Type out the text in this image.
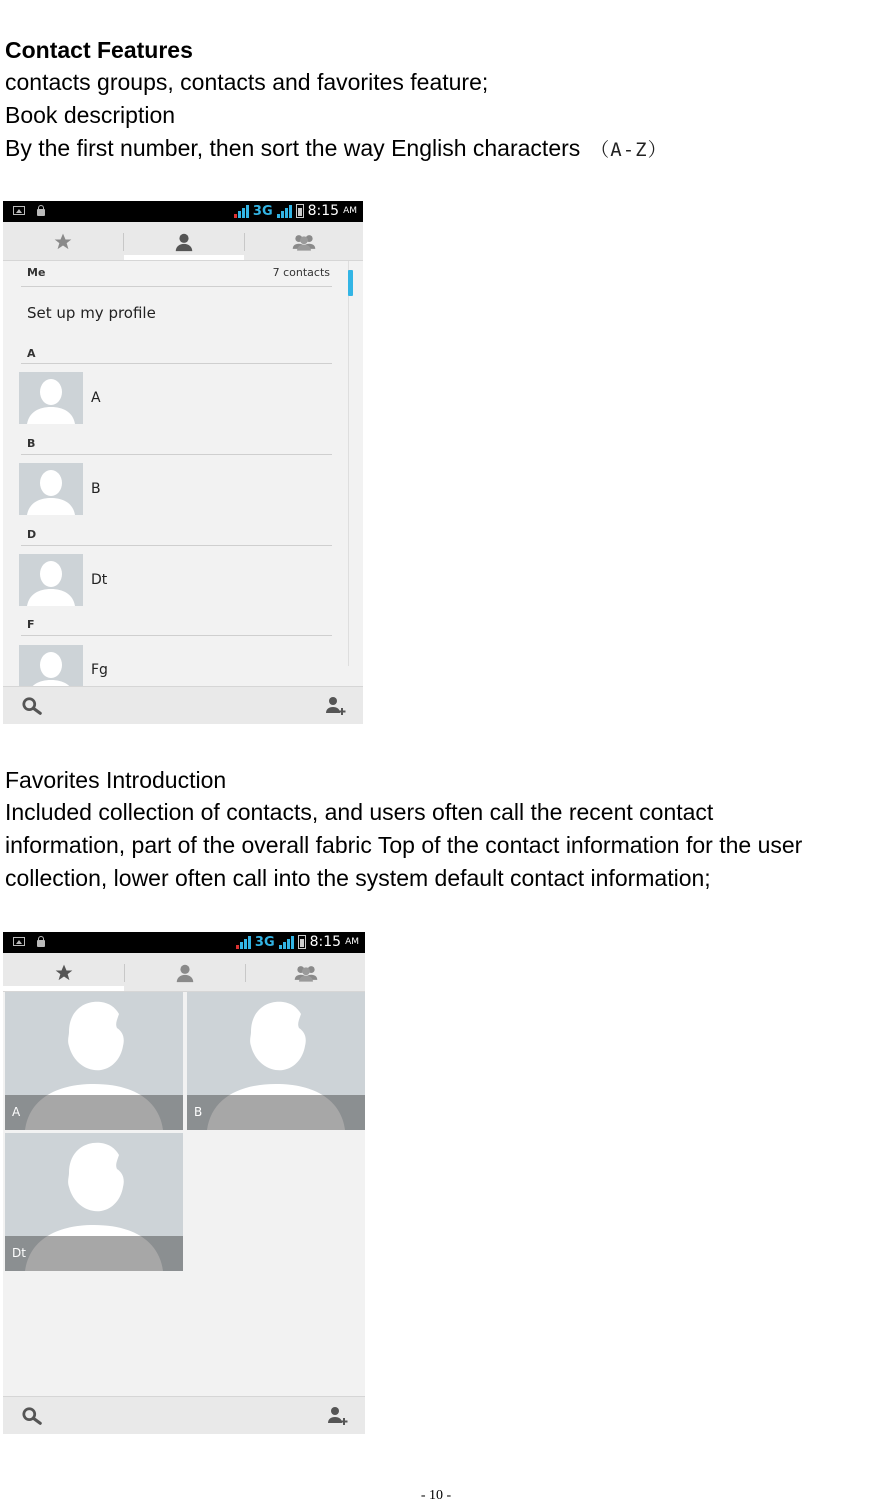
Contact Features
contacts groups, contacts and favorites feature;
Book description
By the first number, then sort the way English characters （A-Z）
3G	8:15 AM
Me	7 contacts
Set up my profile
A
A
B
B
D
Dt
F
Fg
Favorites Introduction
Included collection of contacts, and users often call the recent contact
information, part of the overall fabric Top of the contact information for the user
collection, lower often call into the system default contact information;
3G	8:15 AM
A	B
Dt
- 10 -
